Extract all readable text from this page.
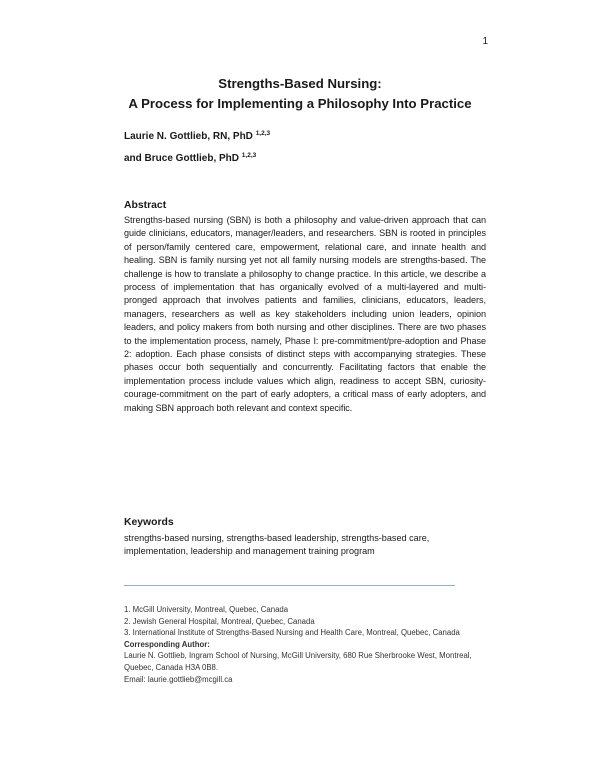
1
Strengths-Based Nursing:
A Process for Implementing a Philosophy Into Practice
Laurie N. Gottlieb, RN, PhD $^{1,2,3}$
and Bruce Gottlieb, PhD $^{1,2,3}$
Abstract
Strengths-based nursing (SBN) is both a philosophy and value-driven approach that can guide clinicians, educators, manager/leaders, and researchers. SBN is rooted in principles of person/family centered care, empowerment, relational care, and innate health and healing. SBN is family nursing yet not all family nursing models are strengths-based. The challenge is how to translate a philosophy to change practice. In this article, we describe a process of implementation that has organically evolved of a multi-layered and multi-pronged approach that involves patients and families, clinicians, educators, leaders, managers, researchers as well as key stakeholders including union leaders, opinion leaders, and policy makers from both nursing and other disciplines. There are two phases to the implementation process, namely, Phase I: pre-commitment/pre-adoption and Phase 2: adoption. Each phase consists of distinct steps with accompanying strategies. These phases occur both sequentially and concurrently. Facilitating factors that enable the implementation process include values which align, readiness to accept SBN, curiosity-courage-commitment on the part of early adopters, a critical mass of early adopters, and making SBN approach both relevant and context specific.
Keywords
strengths-based nursing, strengths-based leadership, strengths-based care, implementation, leadership and management training program
1. McGill University, Montreal, Quebec, Canada
2. Jewish General Hospital, Montreal, Quebec, Canada
3. International Institute of Strengths-Based Nursing and Health Care, Montreal, Quebec, Canada
Corresponding Author:
Laurie N. Gottlieb, Ingram School of Nursing, McGill University, 680 Rue Sherbrooke West, Montreal, Quebec, Canada H3A 0B8.
Email: laurie.gottlieb@mcgill.ca
